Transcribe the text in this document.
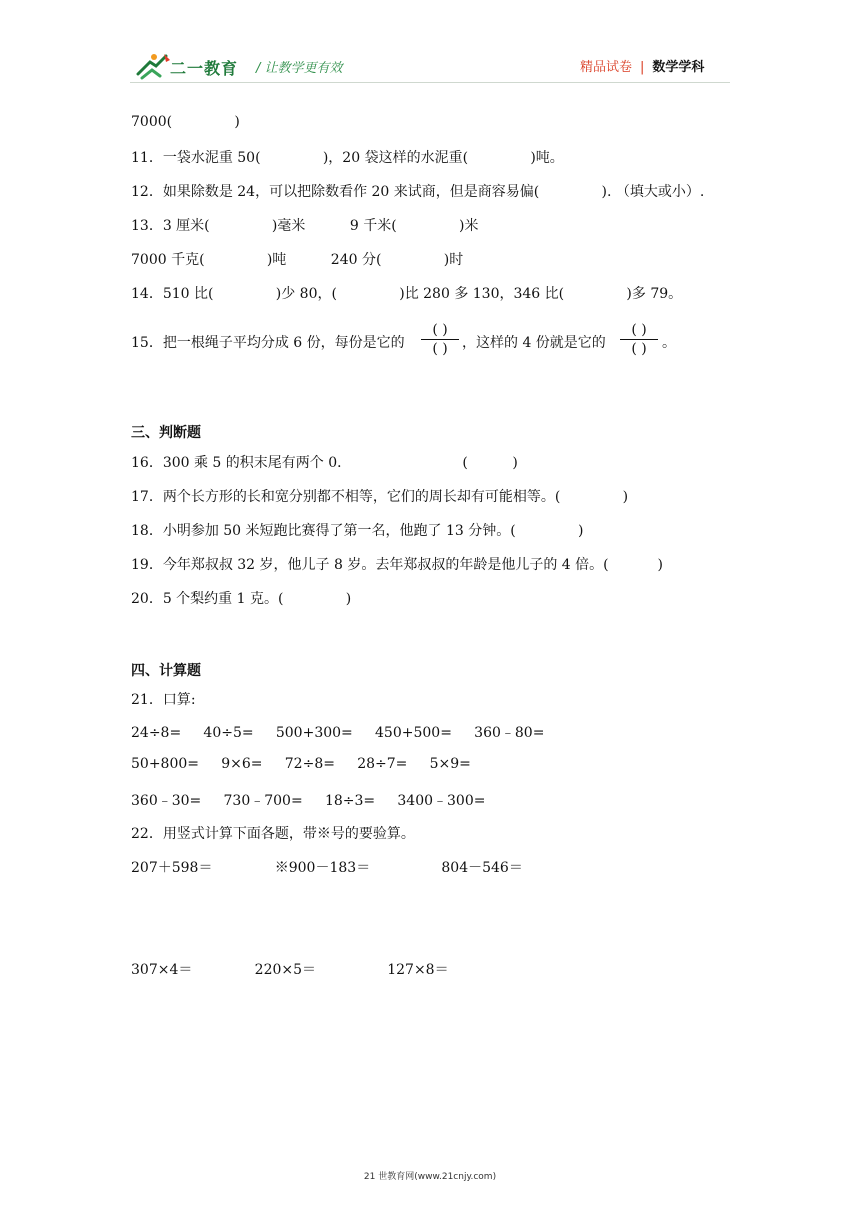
二一教育 / 让教学更有效	精品试卷 | 数学学科
7000(              )
11．一袋水泥重 50(              )，20 袋这样的水泥重(              )吨。
12．如果除数是 24，可以把除数看作 20 来试商，但是商容易偏(              ). （填大或小）.
13．3 厘米(              )毫米          9 千米(              )米
7000 千克(              )吨          240 分(              )时
14．510 比(              )少 80，(              )比 280 多 130，346 比(              )多 79。
15．把一根绳子平均分成 6 份，每份是它的
( )
( )	，这样的 4 份就是它的
( )
( )	。
三、判断题
16．300 乘 5 的积末尾有两个 0．                         (          )
17．两个长方形的长和宽分别都不相等，它们的周长却有可能相等。(              )
18．小明参加 50 米短跑比赛得了第一名，他跑了 13 分钟。(              )
19．今年郑叔叔 32 岁，他儿子 8 岁。去年郑叔叔的年龄是他儿子的 4 倍。(           )
20．5 个梨约重 1 克。(              )
四、计算题
21．口算:
24÷8=     40÷5=     500+300=     450+500=     360﹣80=
50+800=     9×6=     72÷8=     28÷7=     5×9=
360﹣30=     730﹣700=     18÷3=     3400﹣300=
22．用竖式计算下面各题，带※号的要验算。
207＋598＝              ※900－183＝                804－546＝
307×4＝              220×5＝                127×8＝
21 世教育网(www.21cnjy.com)
